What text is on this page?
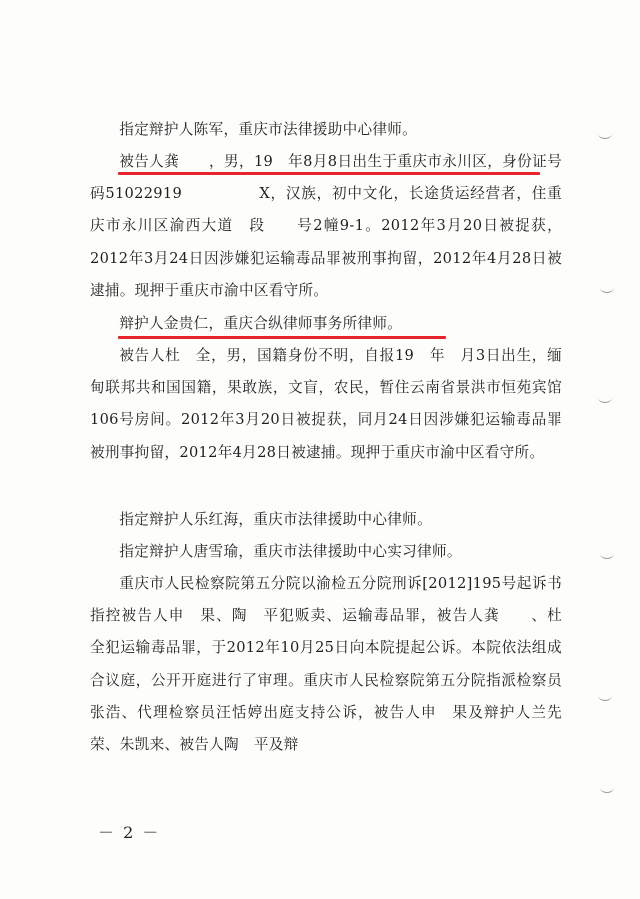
指定辩护人陈军，重庆市法律援助中心律师。

被告人龚　　，男，19　年8月8日出生于重庆市永川区，身份证号码51022919　　　　　X，汉族，初中文化，长途货运经营者，住重庆市永川区渝西大道　段　　号2幢9-1。2012年3月20日被捉获，2012年3月24日因涉嫌犯运输毒品罪被刑事拘留，2012年4月28日被逮捕。现押于重庆市渝中区看守所。

辩护人金贵仁，重庆合纵律师事务所律师。

被告人杜　全，男，国籍身份不明，自报19　年　月3日出生，缅甸联邦共和国国籍，果敢族，文盲，农民，暂住云南省景洪市恒苑宾馆106号房间。2012年3月20日被捉获，同月24日因涉嫌犯运输毒品罪被刑事拘留，2012年4月28日被逮捕。现押于重庆市渝中区看守所。

指定辩护人乐红海，重庆市法律援助中心律师。

指定辩护人唐雪瑜，重庆市法律援助中心实习律师。

重庆市人民检察院第五分院以渝检五分院刑诉[2012]195号起诉书指控被告人申　果、陶　平犯贩卖、运输毒品罪，被告人龚　　、杜　全犯运输毒品罪，于2012年10月25日向本院提起公诉。本院依法组成合议庭，公开开庭进行了审理。重庆市人民检察院第五分院指派检察员张浩、代理检察员汪恬婷出庭支持公诉，被告人申　果及辩护人兰先荣、朱凯来、被告人陶　平及辩

－ 2 －
